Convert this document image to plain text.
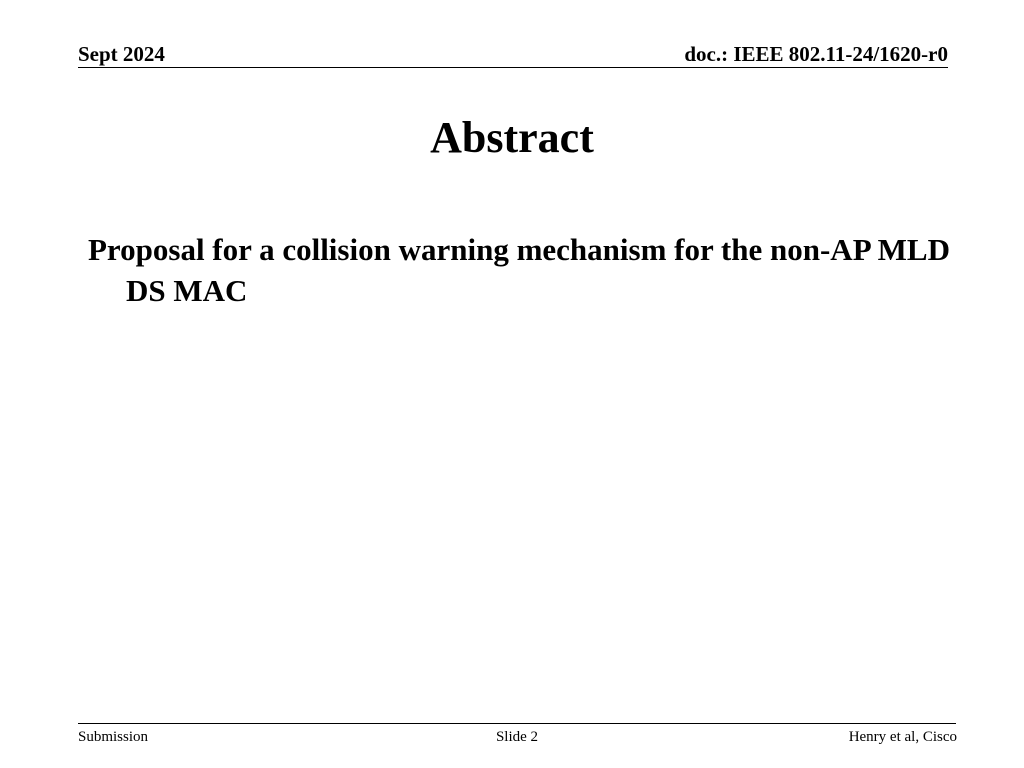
Sept 2024	doc.: IEEE 802.11-24/1620-r0
Abstract
Proposal for a collision warning mechanism for the non-AP MLD DS MAC
Submission	Slide 2	Henry et al, Cisco
